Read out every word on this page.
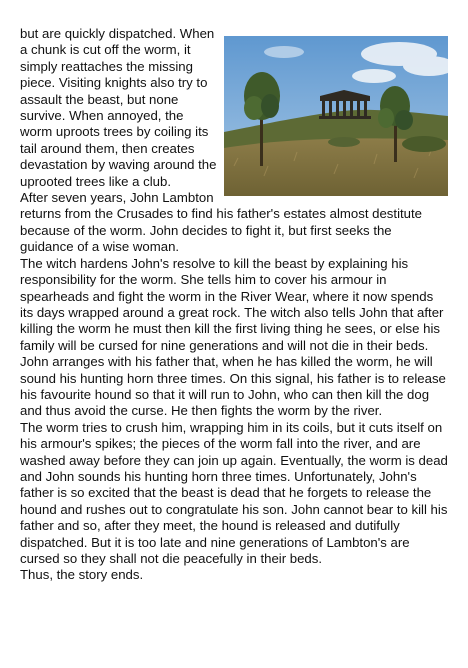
but are quickly dispatched. When a chunk is cut off the worm, it simply reattaches the missing piece. Visiting knights also try to assault the beast, but none survive. When annoyed, the worm uproots trees by coiling its tail around them, then creates devastation by waving around the uprooted trees like a club.

After seven years, John Lambton returns from the Crusades to find his father's estates almost destitute because of the worm. John decides to fight it, but first seeks the guidance of a wise woman.

The witch hardens John's resolve to kill the beast by explaining his responsibility for the worm. She tells him to cover his armour in spearheads and fight the worm in the River Wear, where it now spends its days wrapped around a great rock. The witch also tells John that after killing the worm he must then kill the first living thing he sees, or else his family will be cursed for nine generations and will not die in their beds. John arranges with his father that, when he has killed the worm, he will sound his hunting horn three times. On this signal, his father is to release his favourite hound so that it will run to John, who can then kill the dog and thus avoid the curse. He then fights the worm by the river.

The worm tries to crush him, wrapping him in its coils, but it cuts itself on his armour's spikes; the pieces of the worm fall into the river, and are washed away before they can join up again. Eventually, the worm is dead and John sounds his hunting horn three times. Unfortunately, John's father is so excited that the beast is dead that he forgets to release the hound and rushes out to congratulate his son. John cannot bear to kill his father and so, after they meet, the hound is released and dutifully dispatched. But it is too late and nine generations of Lambton's are cursed so they shall not die peacefully in their beds.

Thus, the story ends.
